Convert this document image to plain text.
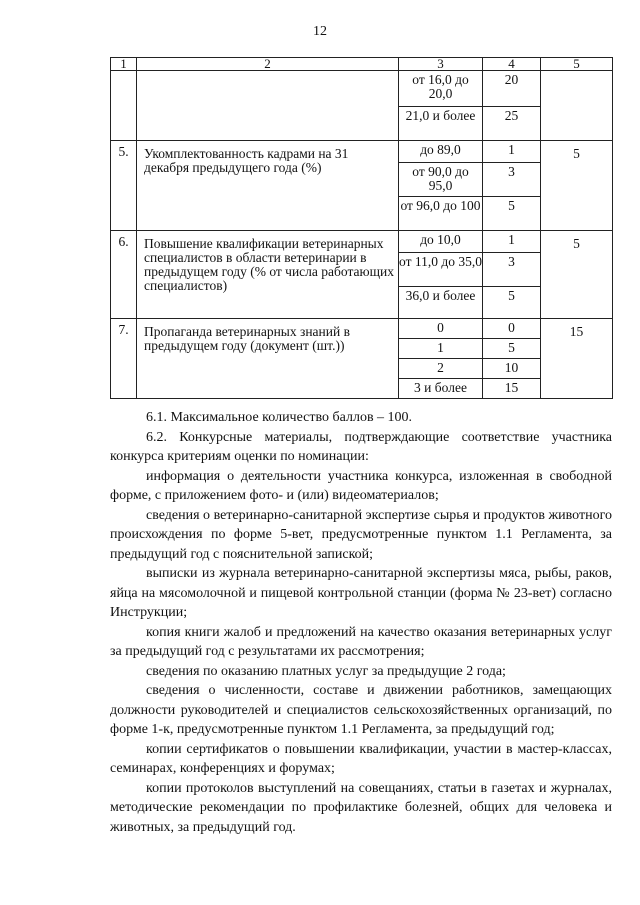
12
1	2	3	4	5

		от 16,0 до 20,0	20	

		21,0 и более	25	

5.	Укомплектованность кадрами на 31 декабря предыдущего года (%)	до 89,0	1	5

		от 90,0 до 95,0	3	

		от 96,0 до 100	5	

6.	Повышение квалификации ветеринарных специалистов в области ветеринарии в предыдущем году (% от числа работающих специалистов)	до 10,0	1	5

		от 11,0 до 35,0	3	

		36,0 и более	5	

7.	Пропаганда ветеринарных знаний в предыдущем году (документ (шт.))	0	0	15

		1	5	

		2	10	

		3 и более	15	

6.1. Максимальное количество баллов – 100.

6.2. Конкурсные материалы, подтверждающие соответствие участника конкурса критериям оценки по номинации:

информация о деятельности участника конкурса, изложенная в свободной форме, с приложением фото- и (или) видеоматериалов;

сведения о ветеринарно-санитарной экспертизе сырья и продуктов животного происхождения по форме 5-вет, предусмотренные пунктом 1.1 Регламента, за предыдущий год с пояснительной запиской;

выписки из журнала ветеринарно-санитарной экспертизы мяса, рыбы, раков, яйца на мясомолочной и пищевой контрольной станции (форма № 23-вет) согласно Инструкции;

копия книги жалоб и предложений на качество оказания ветеринарных услуг за предыдущий год с результатами их рассмотрения;

сведения по оказанию платных услуг за предыдущие 2 года;

сведения о численности, составе и движении работников, замещающих должности руководителей и специалистов сельскохозяйственных организаций, по форме 1-к, предусмотренные пунктом 1.1 Регламента, за предыдущий год;

копии сертификатов о повышении квалификации, участии в мастер-классах, семинарах, конференциях и форумах;

копии протоколов выступлений на совещаниях, статьи в газетах и журналах, методические рекомендации по профилактике болезней, общих для человека и животных, за предыдущий год.
